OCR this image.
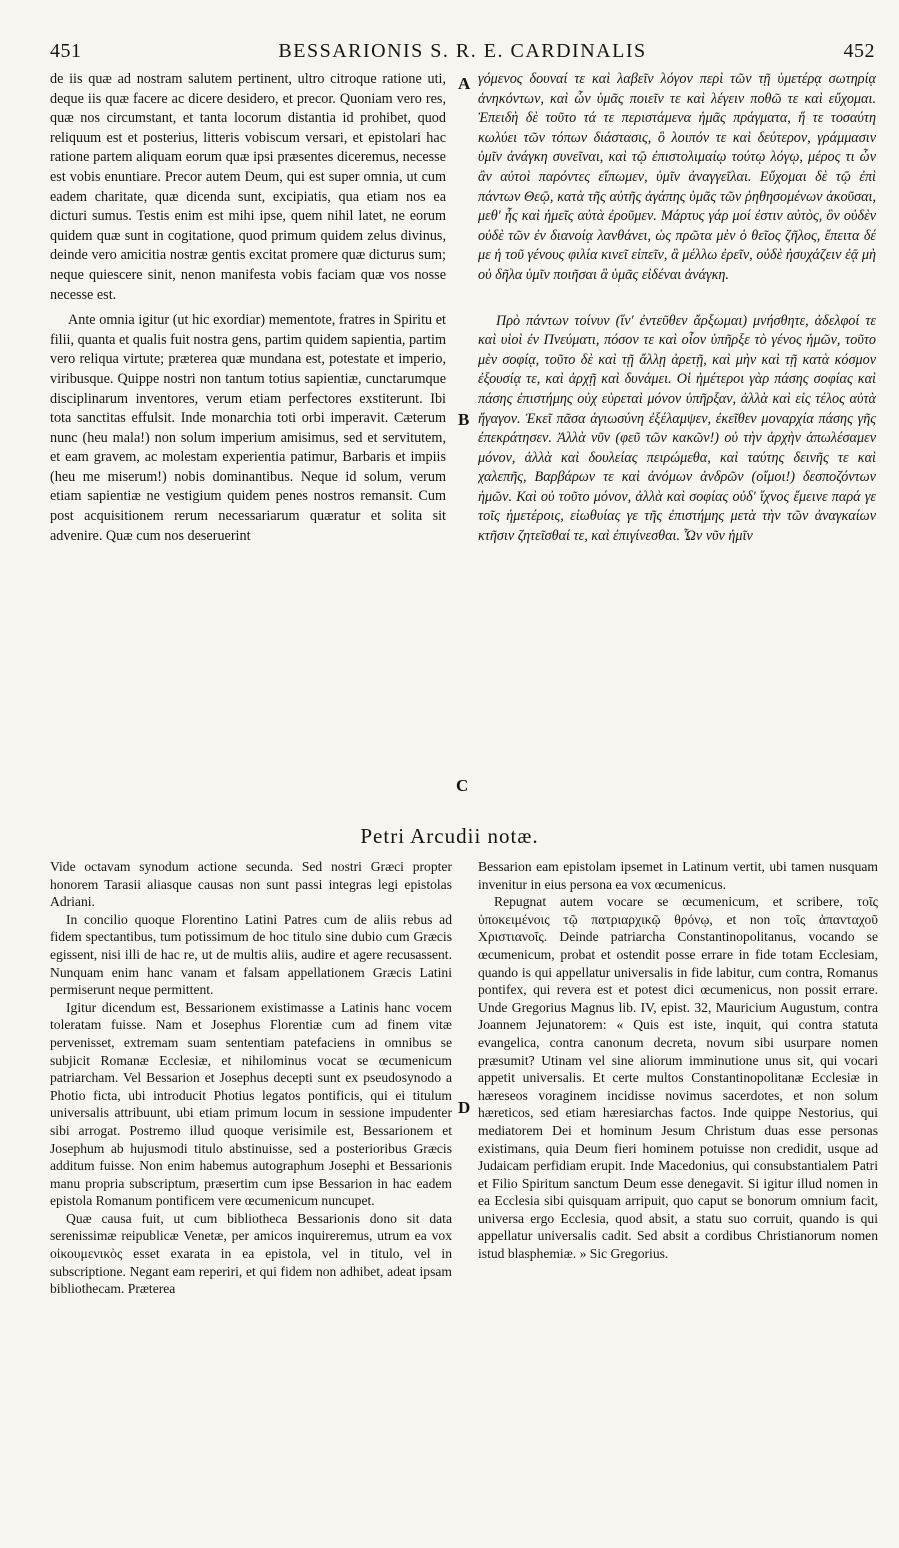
451	BESSARIONIS S. R. E. CARDINALIS	452

de iis quæ ad nostram salutem pertinent, ultro citroque ratione uti, deque iis quæ facere ac dicere desidero, et precor. Quoniam vero res, quæ nos circumstant, et tanta locorum distantia id prohibet, quod reliquum est et posterius, litteris vobiscum versari, et epistolari hac ratione partem aliquam eorum quæ ipsi præsentes diceremus, necesse est vobis enuntiare. Precor autem Deum, qui est super omnia, ut cum eadem charitate, quæ dicenda sunt, excipiatis, qua etiam nos ea dicturi sumus. Testis enim est mihi ipse, quem nihil latet, ne eorum quidem quæ sunt in cogitatione, quod primum quidem zelus divinus, deinde vero amicitia nostræ gentis excitat promere quæ dicturus sum; neque quiescere sinit, nenon manifesta vobis faciam quæ vos nosse necesse est.

Ante omnia igitur (ut hic exordiar) mementote, fratres in Spiritu et filii, quanta et qualis fuit nostra gens, partim quidem sapientia, partim vero reliqua virtute; præterea quæ mundana est, potestate et imperio, viribusque. Quippe nostri non tantum totius sapientiæ, cunctarumque disciplinarum inventores, verum etiam perfectores exstiterunt. Ibi tota sanctitas effulsit. Inde monarchia toti orbi imperavit. Cæterum nunc (heu mala!) non solum imperium amisimus, sed et servitutem, et eam gravem, ac molestam experientia patimur, Barbaris et impiis (heu me miserum!) nobis dominantibus. Neque id solum, verum etiam sapientiæ ne vestigium quidem penes nostros remansit. Cum post acquisitionem rerum necessariarum quæratur et solita sit advenire. Quæ cum nos deseruerint

γόμενος δουναί τε καὶ λαβεῖν λόγον περὶ τῶν τῇ ὑμετέρᾳ σωτηρίᾳ ἀνηκόντων, καὶ ὧν ὑμᾶς ποιεῖν τε καὶ λέγειν ποθῶ τε καὶ εὔχομαι. Ἐπειδὴ δὲ τοῦτο τά τε περιστάμενα ἡμᾶς πράγματα, ἥ τε τοσαύτη κωλύει τῶν τόπων διάστασις, ὃ λοιπόν τε καὶ δεύτερον, γράμμασιν ὑμῖν ἀνάγκη συνεῖναι, καὶ τῷ ἐπιστολιμαίῳ τούτῳ λόγῳ, μέρος τι ὧν ἂν αὐτοὶ παρόντες εἴπωμεν, ὑμῖν ἀναγγεῖλαι. Εὔχομαι δὲ τῷ ἐπὶ πάντων Θεῷ, κατὰ τῆς αὐτῆς ἀγάπης ὑμᾶς τῶν ῥηθησομένων ἀκοῦσαι, μεθ' ἧς καὶ ἡμεῖς αὐτὰ ἐροῦμεν. Μάρτυς γάρ μοί ἐστιν αὐτὸς, ὃν οὐδὲν οὐδὲ τῶν ἐν διανοίᾳ λανθάνει, ὡς πρῶτα μὲν ὁ θεῖος ζῆλος, ἔπειτα δέ με ἡ τοῦ γένους φιλία κινεῖ εἰπεῖν, ἃ μέλλω ἐρεῖν, οὐδὲ ἡσυχάζειν ἐᾷ μὴ οὐ δῆλα ὑμῖν ποιῆσαι ἃ ὑμᾶς εἰδέναι ἀνάγκη.

Πρὸ πάντων τοίνυν (ἵν' ἐντεῦθεν ἄρξωμαι) μνήσθητε, ἀδελφοί τε καὶ υἱοὶ ἐν Πνεύματι, πόσον τε καὶ οἷον ὑπῆρξε τὸ γένος ἡμῶν, τοῦτο μὲν σοφίᾳ, τοῦτο δὲ καὶ τῇ ἄλλῃ ἀρετῇ, καὶ μὴν καὶ τῇ κατὰ κόσμον ἐξουσίᾳ τε, καὶ ἀρχῇ καὶ δυνάμει. Οἱ ἡμέτεροι γὰρ πάσης σοφίας καὶ πάσης ἐπιστήμης οὐχ εὑρεταὶ μόνον ὑπῆρξαν, ἀλλὰ καὶ εἰς τέλος αὐτὰ ἤγαγον. Ἐκεῖ πᾶσα ἁγιωσύνη ἐξέλαμψεν, ἐκεῖθεν μοναρχία πάσης γῆς ἐπεκράτησεν. Ἀλλὰ νῦν (φεῦ τῶν κακῶν!) οὐ τὴν ἀρχὴν ἀπωλέσαμεν μόνον, ἀλλὰ καὶ δουλείας πειρώμεθα, καὶ ταύτης δεινῆς τε καὶ χαλεπῆς, Βαρβάρων τε καὶ ἀνόμων ἀνδρῶν (οἴμοι!) δεσποζόντων ἡμῶν. Καὶ οὐ τοῦτο μόνον, ἀλλὰ καὶ σοφίας οὐδ' ἴχνος ἔμεινε παρά γε τοῖς ἡμετέροις, εἰωθυίας γε τῆς ἐπιστήμης μετὰ τὴν τῶν ἀναγκαίων κτῆσιν ζητεῖσθαί τε, καὶ ἐπιγίνεσθαι. Ὧν νῦν ἡμῖν

A
B
C
Petri Arcudii notæ.

Vide octavam synodum actione secunda. Sed nostri Græci propter honorem Tarasii aliasque causas non sunt passi integras legi epistolas Adriani.

In concilio quoque Florentino Latini Patres cum de aliis rebus ad fidem spectantibus, tum potissimum de hoc titulo sine dubio cum Græcis egissent, nisi illi de hac re, ut de multis aliis, audire et agere recusassent. Nunquam enim hanc vanam et falsam appellationem Græcis Latini permiserunt neque permittent.

Igitur dicendum est, Bessarionem existimasse a Latinis hanc vocem toleratam fuisse. Nam et Josephus Florentiæ cum ad finem vitæ pervenisset, extremam suam sententiam patefaciens in omnibus se subjicit Romanæ Ecclesiæ, et nihilominus vocat se œcumenicum patriarcham. Vel Bessarion et Josephus decepti sunt ex pseudosynodo a Photio ficta, ubi introducit Photius legatos pontificis, qui ei titulum universalis attribuunt, ubi etiam primum locum in sessione impudenter sibi arrogat. Postremo illud quoque verisimile est, Bessarionem et Josephum ab hujusmodi titulo abstinuisse, sed a posterioribus Græcis additum fuisse. Non enim habemus autographum Josephi et Bessarionis manu propria subscriptum, præsertim cum ipse Bessarion in hac eadem epistola Romanum pontificem vere œcumenicum nuncupet.

Quæ causa fuit, ut cum bibliotheca Bessarionis dono sit data serenissimæ reipublicæ Venetæ, per amicos inquireremus, utrum ea vox οἰκουμενικὸς esset exarata in ea epistola, vel in titulo, vel in subscriptione. Negant eam reperiri, et qui fidem non adhibet, adeat ipsam bibliothecam. Præterea

D

Bessarion eam epistolam ipsemet in Latinum vertit, ubi tamen nusquam invenitur in eius persona ea vox œcumenicus.

Repugnat autem vocare se œcumenicum, et scribere, τοῖς ὑποκειμένοις τῷ πατριαρχικῷ θρόνῳ, et non τοῖς ἁπανταχοῦ Χριστιανοῖς. Deinde patriarcha Constantinopolitanus, vocando se œcumenicum, probat et ostendit posse errare in fide totam Ecclesiam, quando is qui appellatur universalis in fide labitur, cum contra, Romanus pontifex, qui revera est et potest dici œcumenicus, non possit errare. Unde Gregorius Magnus lib. IV, epist. 32, Mauricium Augustum, contra Joannem Jejunatorem: « Quis est iste, inquit, qui contra statuta evangelica, contra canonum decreta, novum sibi usurpare nomen præsumit? Utinam vel sine aliorum imminutione unus sit, qui vocari appetit universalis. Et certe multos Constantinopolitanæ Ecclesiæ in hæreseos voraginem incidisse novimus sacerdotes, et non solum hæreticos, sed etiam hæresiarchas factos. Inde quippe Nestorius, qui mediatorem Dei et hominum Jesum Christum duas esse personas existimans, quia Deum fieri hominem potuisse non credidit, usque ad Judaicam perfidiam erupit. Inde Macedonius, qui consubstantialem Patri et Filio Spiritum sanctum Deum esse denegavit. Si igitur illud nomen in ea Ecclesia sibi quisquam arripuit, quo caput se bonorum omnium facit, universa ergo Ecclesia, quod absit, a statu suo corruit, quando is qui appellatur universalis cadit. Sed absit a cordibus Christianorum nomen istud blasphemiæ. » Sic Gregorius.
